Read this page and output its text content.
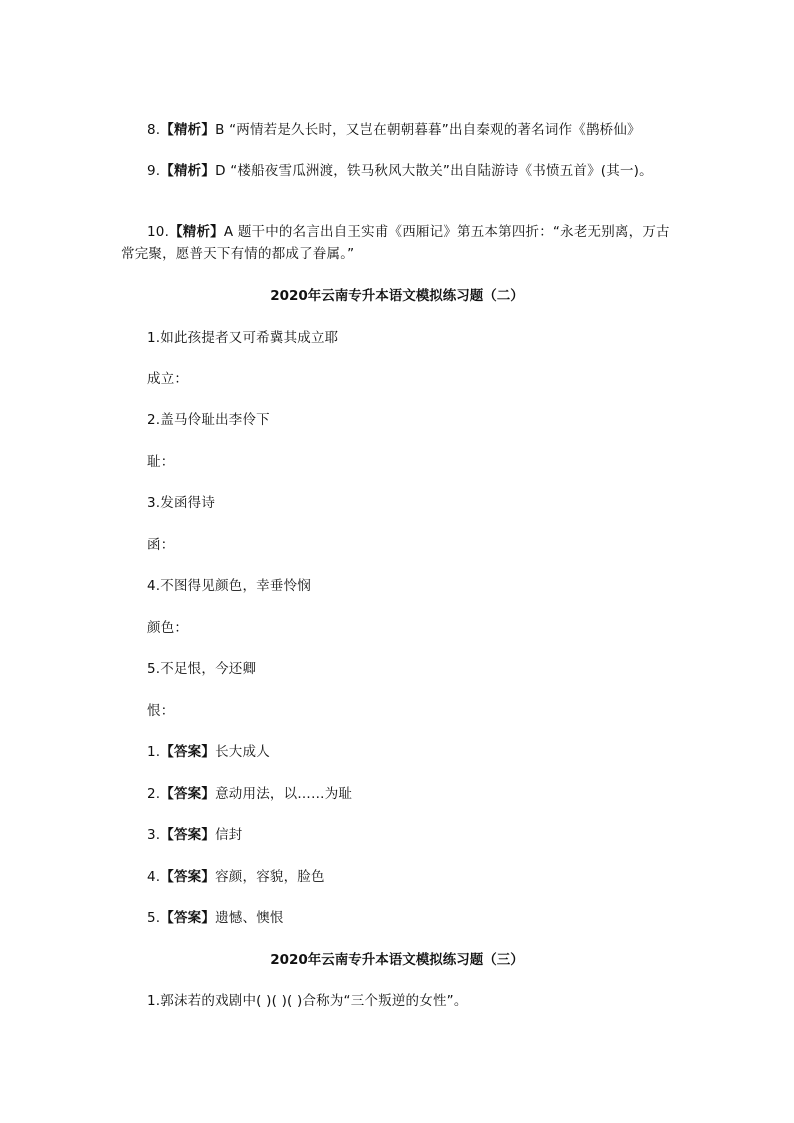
8.【精析】B “两情若是久长时，又岂在朝朝暮暮”出自秦观的著名词作《鹊桥仙》
9.【精析】D “楼船夜雪瓜洲渡，铁马秋风大散关”出自陆游诗《书愤五首》(其一)。
10.【精析】A 题干中的名言出自王实甫《西厢记》第五本第四折：“永老无别离，万古常完聚，愿普天下有情的都成了眷属。”
2020年云南专升本语文模拟练习题（二）
1.如此孩提者又可希冀其成立耶
成立：
2.盖马伶耻出李伶下
耻：
3.发函得诗
函：
4.不图得见颜色，幸垂怜悯
颜色：
5.不足恨，今还卿
恨：
1.【答案】长大成人
2.【答案】意动用法，以……为耻
3.【答案】信封
4.【答案】容颜，容貌，脸色
5.【答案】遗憾、懊恨
2020年云南专升本语文模拟练习题（三）
1.郭沫若的戏剧中( )( )( )合称为“三个叛逆的女性”。
